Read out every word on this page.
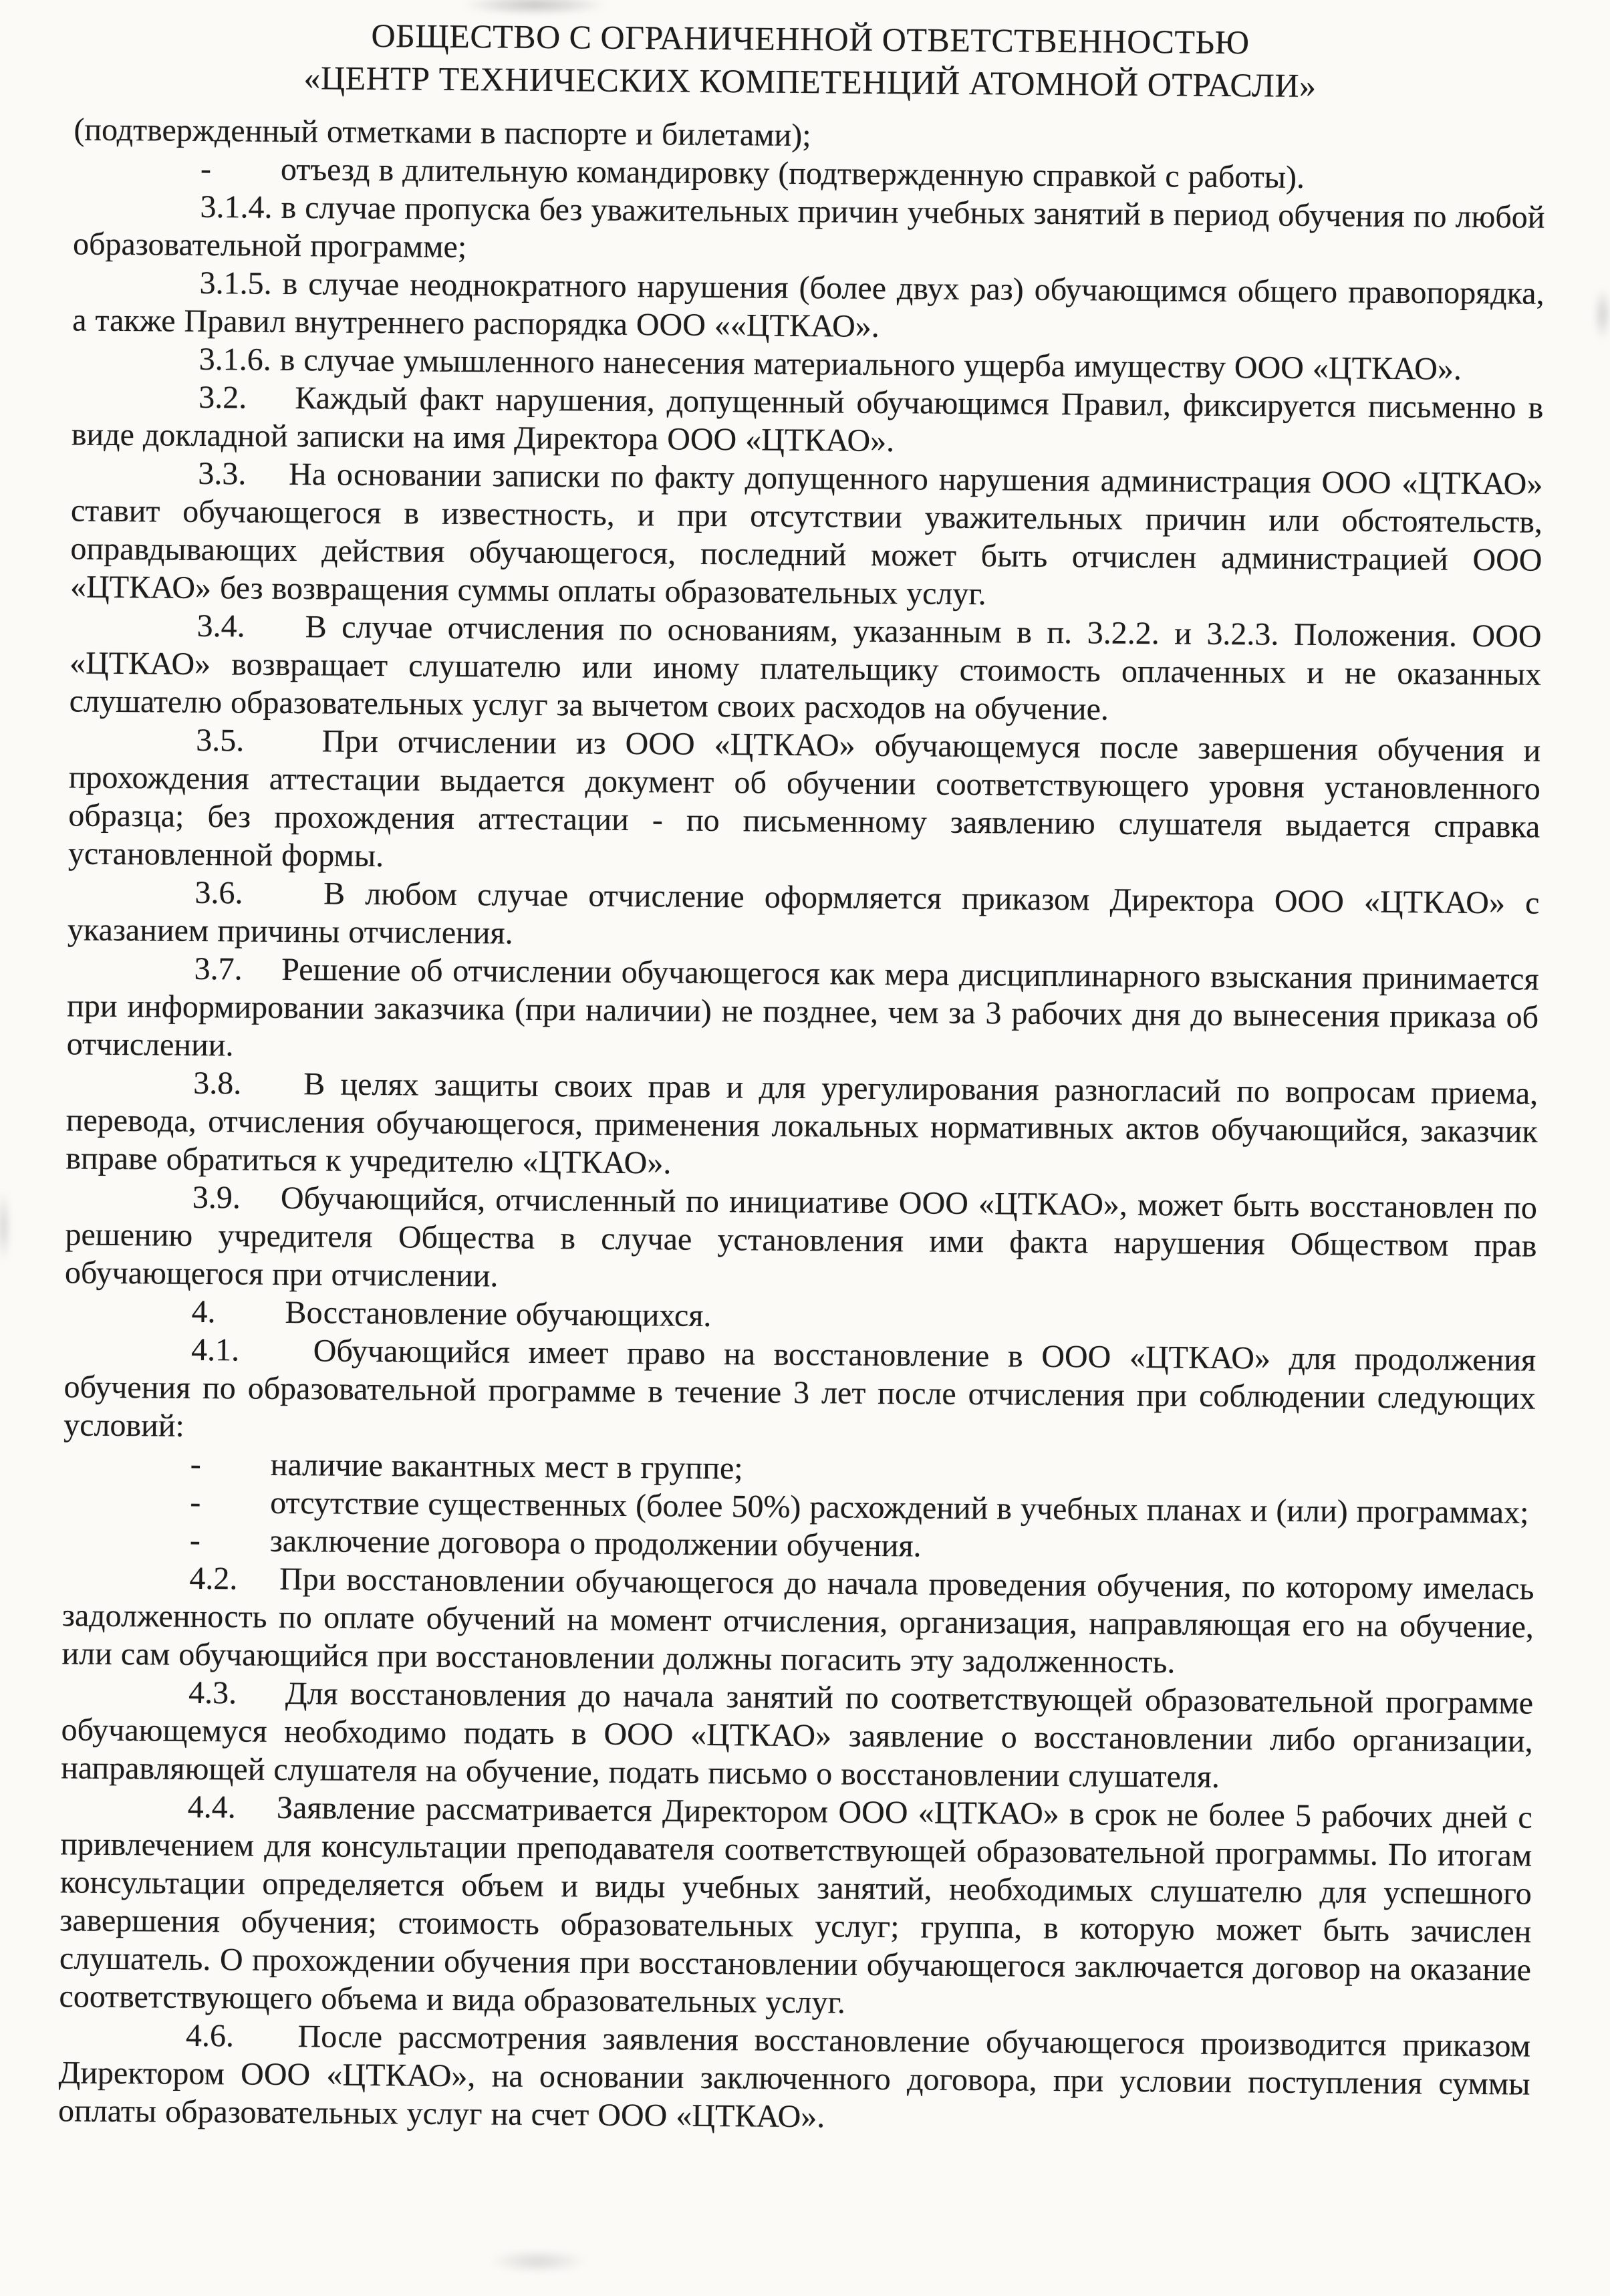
ОБЩЕСТВО С ОГРАНИЧЕННОЙ ОТВЕТСТВЕННОСТЬЮ
«ЦЕНТР ТЕХНИЧЕСКИХ КОМПЕТЕНЦИЙ АТОМНОЙ ОТРАСЛИ»

(подтвержденный отметками в паспорте и билетами);

-        отъезд в длительную командировку (подтвержденную справкой с работы).

3.1.4. в случае пропуска без уважительных причин учебных занятий в период обучения по любой образовательной программе;

3.1.5. в случае неоднократного нарушения (более двух раз) обучающимся общего правопорядка, а также Правил внутреннего распорядка ООО ««ЦТКАО».

3.1.6. в случае умышленного нанесения материального ущерба имуществу ООО «ЦТКАО».

3.2.    Каждый факт нарушения, допущенный обучающимся Правил, фиксируется письменно в виде докладной записки на имя Директора ООО «ЦТКАО».

3.3.    На основании записки по факту допущенного нарушения администрация ООО «ЦТКАО» ставит обучающегося в известность, и при отсутствии уважительных причин или обстоятельств, оправдывающих действия обучающегося, последний может быть отчислен администрацией ООО «ЦТКАО» без возвращения суммы оплаты образовательных услуг.

3.4.    В случае отчисления по основаниям, указанным в п. 3.2.2. и 3.2.3. Положения. ООО «ЦТКАО» возвращает слушателю или иному плательщику стоимость оплаченных и не оказанных слушателю образовательных услуг за вычетом своих расходов на обучение.

3.5.    При отчислении из ООО «ЦТКАО» обучающемуся после завершения обучения и прохождения аттестации выдается документ об обучении соответствующего уровня установленного образца; без прохождения аттестации - по письменному заявлению слушателя выдается справка установленной формы.

3.6.    В любом случае отчисление оформляется приказом Директора ООО «ЦТКАО» с указанием причины отчисления.

3.7.    Решение об отчислении обучающегося как мера дисциплинарного взыскания принимается при информировании заказчика (при наличии) не позднее, чем за 3 рабочих дня до вынесения приказа об отчислении.

3.8.    В целях защиты своих прав и для урегулирования разногласий по вопросам приема, перевода, отчисления обучающегося, применения локальных нормативных актов обучающийся, заказчик вправе обратиться к учредителю «ЦТКАО».

3.9.    Обучающийся, отчисленный по инициативе ООО «ЦТКАО», может быть восстановлен по решению учредителя Общества в случае установления ими факта нарушения Обществом прав обучающегося при отчислении.

4.        Восстановление обучающихся.

4.1.    Обучающийся имеет право на восстановление в ООО «ЦТКАО» для продолжения обучения по образовательной программе в течение 3 лет после отчисления при соблюдении следующих условий:

-        наличие вакантных мест в группе;

-        отсутствие существенных (более 50%) расхождений в учебных планах и (или) программах;

-        заключение договора о продолжении обучения.

4.2.    При восстановлении обучающегося до начала проведения обучения, по которому имелась задолженность по оплате обучений на момент отчисления, организация, направляющая его на обучение, или сам обучающийся при восстановлении должны погасить эту задолженность.

4.3.    Для восстановления до начала занятий по соответствующей образовательной программе обучающемуся необходимо подать в ООО «ЦТКАО» заявление о восстановлении либо организации, направляющей слушателя на обучение, подать письмо о восстановлении слушателя.

4.4.    Заявление рассматривается Директором ООО «ЦТКАО» в срок не более 5 рабочих дней с привлечением для консультации преподавателя соответствующей образовательной программы. По итогам консультации определяется объем и виды учебных занятий, необходимых слушателю для успешного завершения обучения; стоимость образовательных услуг; группа, в которую может быть зачислен слушатель. О прохождении обучения при восстановлении обучающегося заключается договор на оказание соответствующего объема и вида образовательных услуг.

4.6.    После рассмотрения заявления восстановление обучающегося производится приказом Директором ООО «ЦТКАО», на основании заключенного договора, при условии поступления суммы оплаты образовательных услуг на счет ООО «ЦТКАО».
